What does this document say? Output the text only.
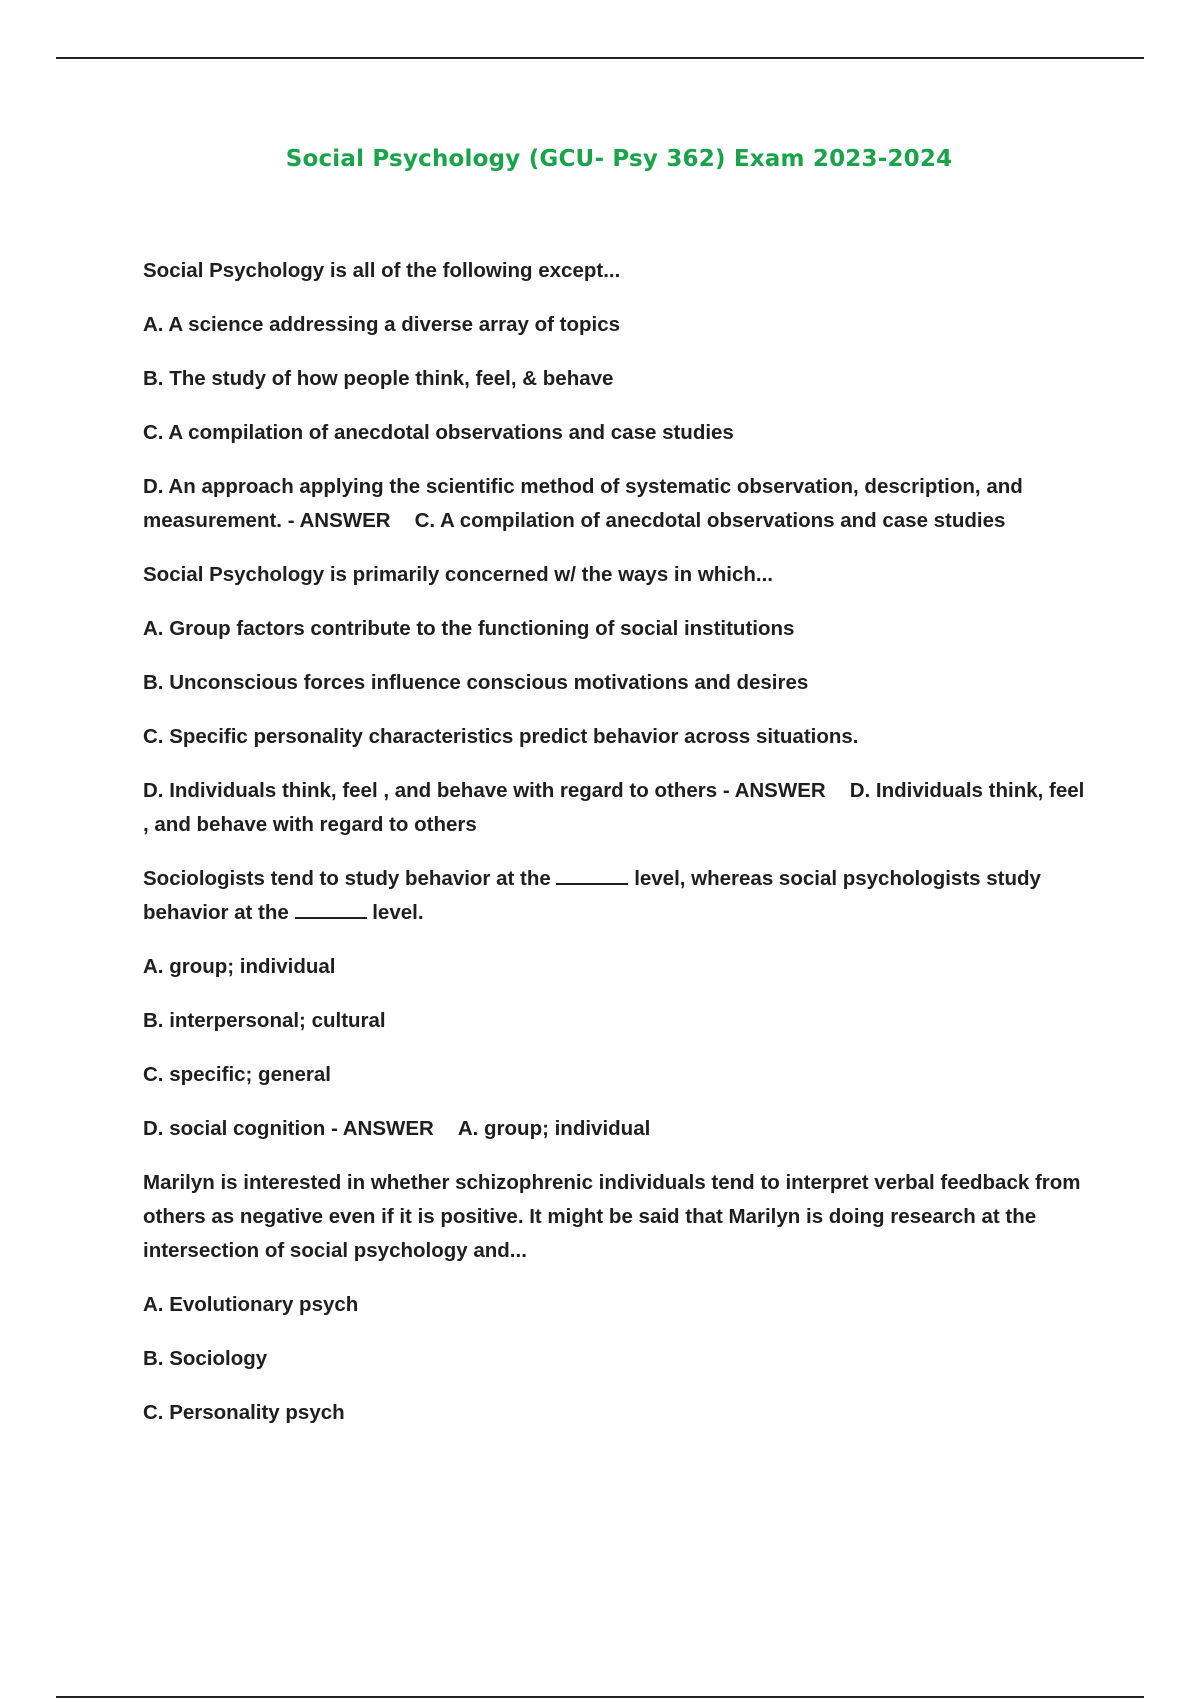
Social Psychology (GCU- Psy 362) Exam 2023-2024

Social Psychology is all of the following except...

A. A science addressing a diverse array of topics

B. The study of how people think, feel, & behave

C. A compilation of anecdotal observations and case studies

D. An approach applying the scientific method of systematic observation, description, and measurement. - ANSWER C. A compilation of anecdotal observations and case studies

Social Psychology is primarily concerned w/ the ways in which...

A. Group factors contribute to the functioning of social institutions

B. Unconscious forces influence conscious motivations and desires

C. Specific personality characteristics predict behavior across situations.

D. Individuals think, feel , and behave with regard to others - ANSWER D. Individuals think, feel , and behave with regard to others

Sociologists tend to study behavior at the	level, whereas social psychologists study behavior at the	level.

A. group; individual

B. interpersonal; cultural

C. specific; general

D. social cognition - ANSWER A. group; individual

Marilyn is interested in whether schizophrenic individuals tend to interpret verbal feedback from others as negative even if it is positive. It might be said that Marilyn is doing research at the intersection of social psychology and...

A. Evolutionary psych

B. Sociology

C. Personality psych
